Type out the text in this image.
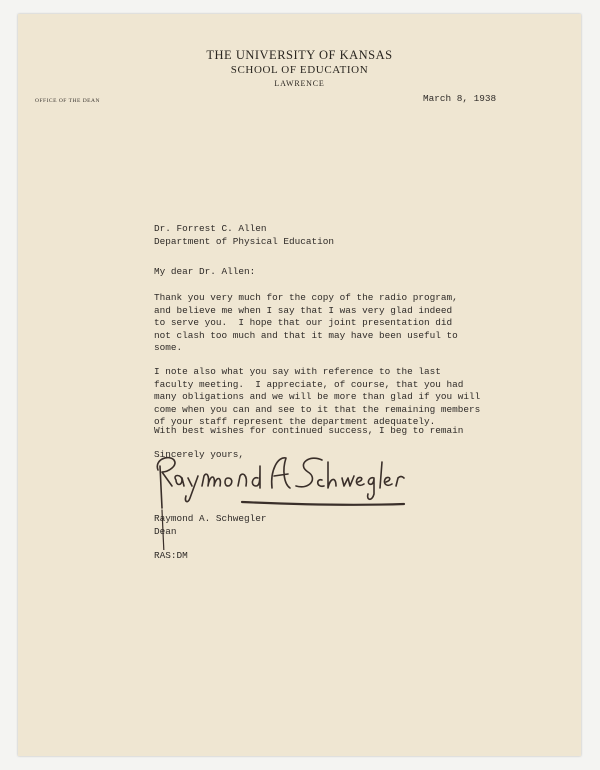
THE UNIVERSITY OF KANSAS
SCHOOL OF EDUCATION
LAWRENCE
OFFICE OF THE DEAN	March 8, 1938

Dr. Forrest C. Allen
Department of Physical Education

My dear Dr. Allen:

Thank you very much for the copy of the radio program,
and believe me when I say that I was very glad indeed
to serve you.  I hope that our joint presentation did
not clash too much and that it may have been useful to
some.

I note also what you say with reference to the last
faculty meeting.  I appreciate, of course, that you had
many obligations and we will be more than glad if you will
come when you can and see to it that the remaining members
of your staff represent the department adequately.

With best wishes for continued success, I beg to remain

Sincerely yours,

Raymond A. Schwegler
Dean

RAS:DM
